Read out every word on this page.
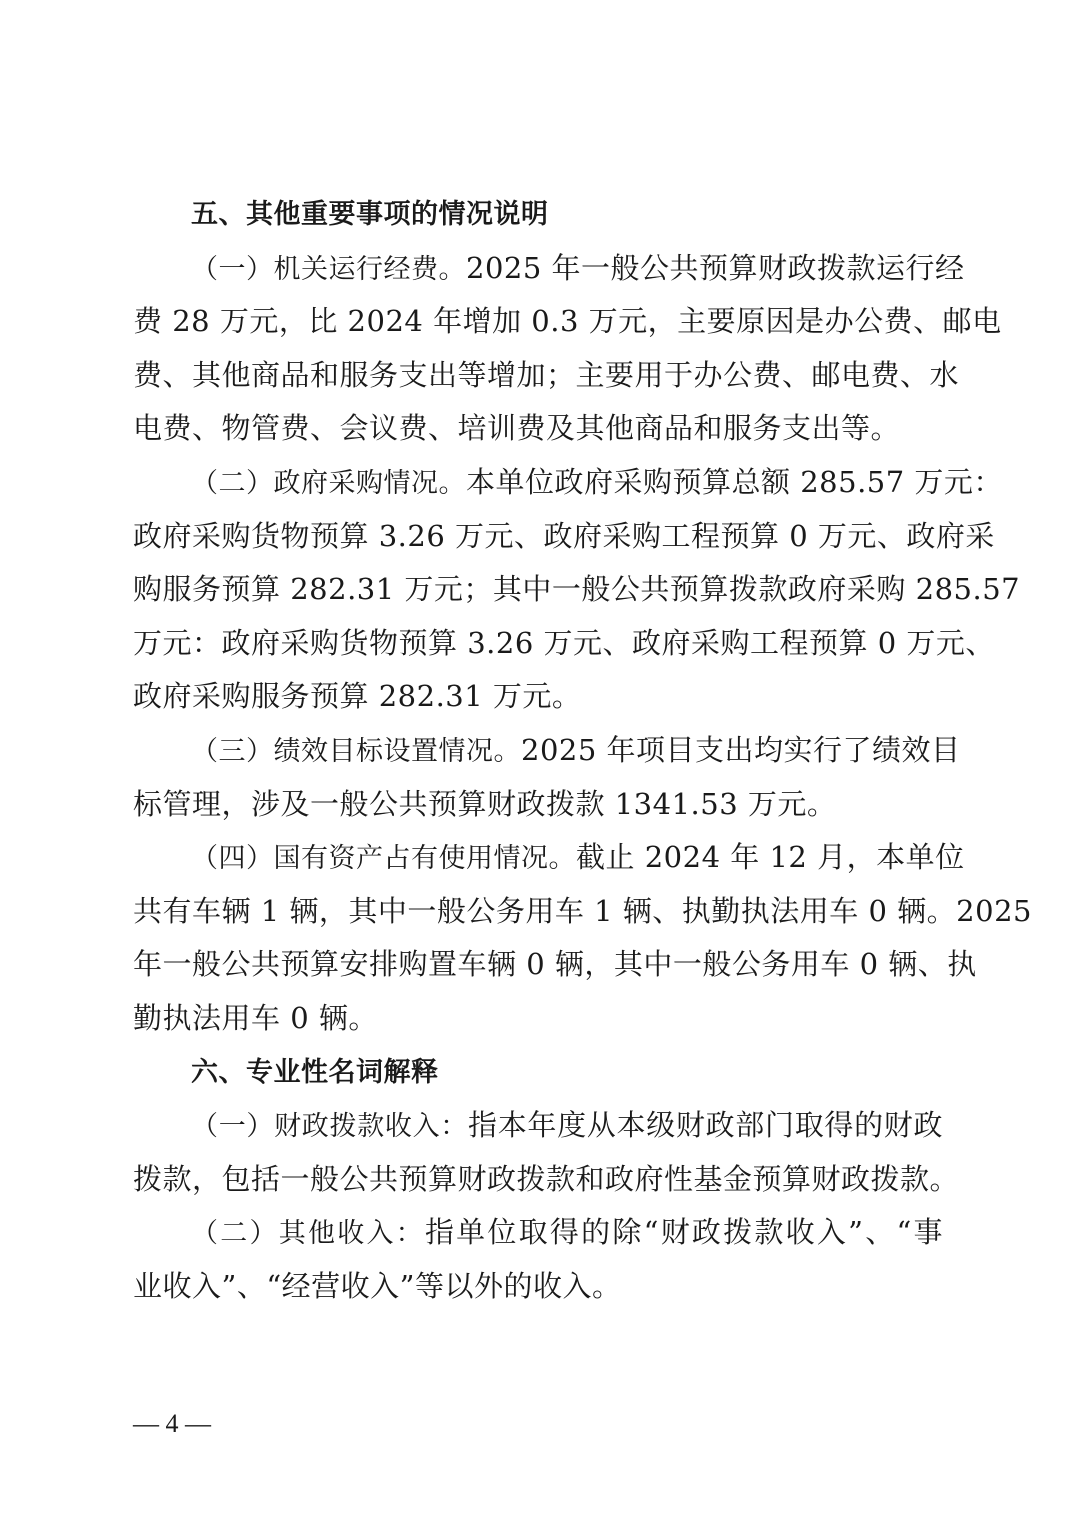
五、其他重要事项的情况说明
（一）机关运行经费。2025 年一般公共预算财政拨款运行经
费 28 万元，比 2024 年增加 0.3 万元，主要原因是办公费、邮电
费、其他商品和服务支出等增加；主要用于办公费、邮电费、水
电费、物管费、会议费、培训费及其他商品和服务支出等。
（二）政府采购情况。本单位政府采购预算总额 285.57 万元：
政府采购货物预算 3.26 万元、政府采购工程预算 0 万元、政府采
购服务预算 282.31 万元；其中一般公共预算拨款政府采购 285.57
万元：政府采购货物预算 3.26 万元、政府采购工程预算 0 万元、
政府采购服务预算 282.31 万元。
（三）绩效目标设置情况。2025 年项目支出均实行了绩效目
标管理，涉及一般公共预算财政拨款 1341.53 万元。
（四）国有资产占有使用情况。截止 2024 年 12 月，本单位
共有车辆 1 辆，其中一般公务用车 1 辆、执勤执法用车 0 辆。2025
年一般公共预算安排购置车辆 0 辆，其中一般公务用车 0 辆、执
勤执法用车 0 辆。
六、专业性名词解释
（一）财政拨款收入：指本年度从本级财政部门取得的财政
拨款，包括一般公共预算财政拨款和政府性基金预算财政拨款。
（二）其他收入：指单位取得的除“财政拨款收入”、“事
业收入”、“经营收入”等以外的收入。
— 4 —
